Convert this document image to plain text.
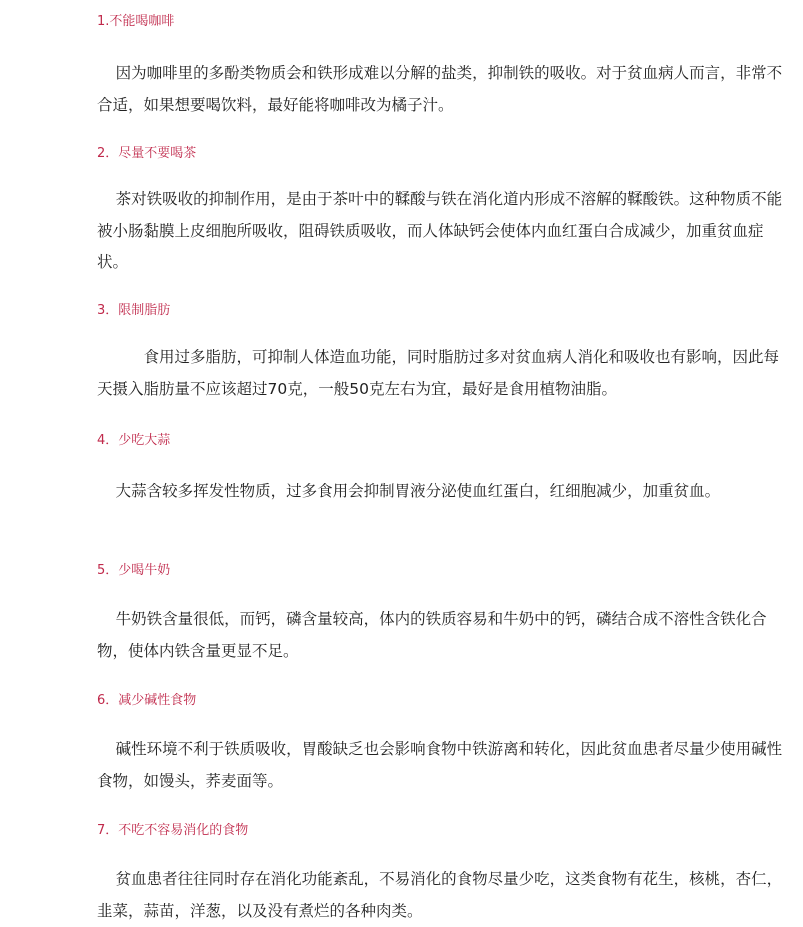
1.不能喝咖啡

因为咖啡里的多酚类物质会和铁形成难以分解的盐类，抑制铁的吸收。对于贫血病人而言，非常不合适，如果想要喝饮料，最好能将咖啡改为橘子汁。

2．尽量不要喝茶

茶对铁吸收的抑制作用，是由于茶叶中的鞣酸与铁在消化道内形成不溶解的鞣酸铁。这种物质不能被小肠黏膜上皮细胞所吸收，阻碍铁质吸收，而人体缺钙会使体内血红蛋白合成减少，加重贫血症状。

3．限制脂肪

食用过多脂肪，可抑制人体造血功能，同时脂肪过多对贫血病人消化和吸收也有影响，因此每天摄入脂肪量不应该超过70克，一般50克左右为宜，最好是食用植物油脂。

4．少吃大蒜

大蒜含较多挥发性物质，过多食用会抑制胃液分泌使血红蛋白，红细胞减少，加重贫血。

5．少喝牛奶

牛奶铁含量很低，而钙，磷含量较高，体内的铁质容易和牛奶中的钙，磷结合成不溶性含铁化合物，使体内铁含量更显不足。

6．减少碱性食物

碱性环境不利于铁质吸收，胃酸缺乏也会影响食物中铁游离和转化，因此贫血患者尽量少使用碱性食物，如馒头，荞麦面等。

7．不吃不容易消化的食物

贫血患者往往同时存在消化功能紊乱，不易消化的食物尽量少吃，这类食物有花生，核桃，杏仁，韭菜，蒜苗，洋葱，以及没有煮烂的各种肉类。
